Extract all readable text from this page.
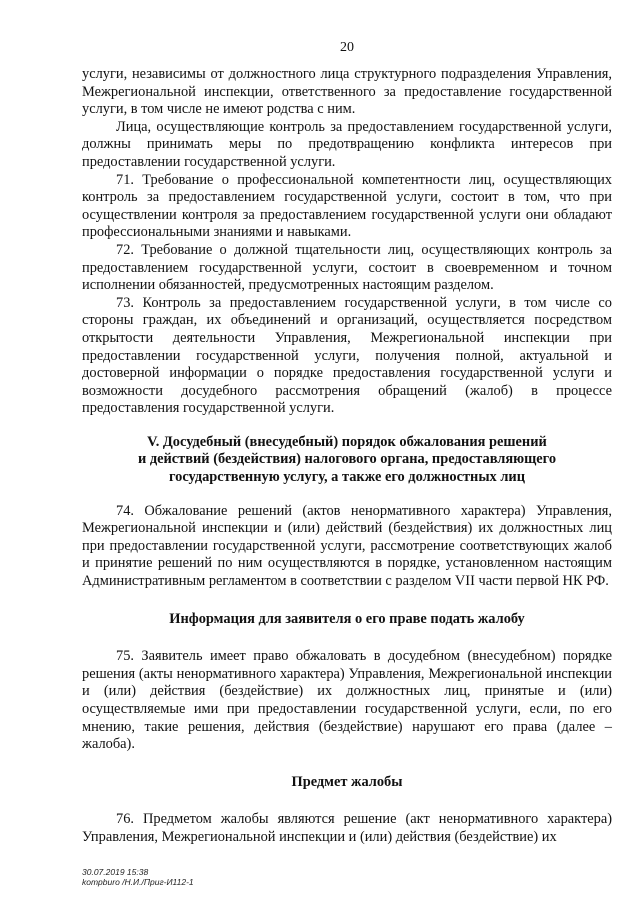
20

услуги, независимы от должностного лица структурного подразделения Управления, Межрегиональной инспекции, ответственного за предоставление государственной услуги, в том числе не имеют родства с ним.

Лица, осуществляющие контроль за предоставлением государственной услуги, должны принимать меры по предотвращению конфликта интересов при предоставлении государственной услуги.

71. Требование о профессиональной компетентности лиц, осуществляющих контроль за предоставлением государственной услуги, состоит в том, что при осуществлении контроля за предоставлением государственной услуги они обладают профессиональными знаниями и навыками.

72. Требование о должной тщательности лиц, осуществляющих контроль за предоставлением государственной услуги, состоит в своевременном и точном исполнении обязанностей, предусмотренных настоящим разделом.

73. Контроль за предоставлением государственной услуги, в том числе со стороны граждан, их объединений и организаций, осуществляется посредством открытости деятельности Управления, Межрегиональной инспекции при предоставлении государственной услуги, получения полной, актуальной и достоверной информации о порядке предоставления государственной услуги и возможности досудебного рассмотрения обращений (жалоб) в процессе предоставления государственной услуги.

V. Досудебный (внесудебный) порядок обжалования решений

и действий (бездействия) налогового органа, предоставляющего

государственную услугу, а также его должностных лиц

74. Обжалование решений (актов ненормативного характера) Управления, Межрегиональной инспекции и (или) действий (бездействия) их должностных лиц при предоставлении государственной услуги, рассмотрение соответствующих жалоб и принятие решений по ним осуществляются в порядке, установленном настоящим Административным регламентом в соответствии с разделом VII части первой НК РФ.

Информация для заявителя о его праве подать жалобу

75. Заявитель имеет право обжаловать в досудебном (внесудебном) порядке решения (акты ненормативного характера) Управления, Межрегиональной инспекции и (или) действия (бездействие) их должностных лиц, принятые и (или) осуществляемые ими при предоставлении государственной услуги, если, по его мнению, такие решения, действия (бездействие) нарушают его права (далее – жалоба).

Предмет жалобы

76. Предметом жалобы являются решение (акт ненормативного характера) Управления, Межрегиональной инспекции и (или) действия (бездействие) их

30.07.2019 15:38
kompburo /Н.И./Приг-И112-1
